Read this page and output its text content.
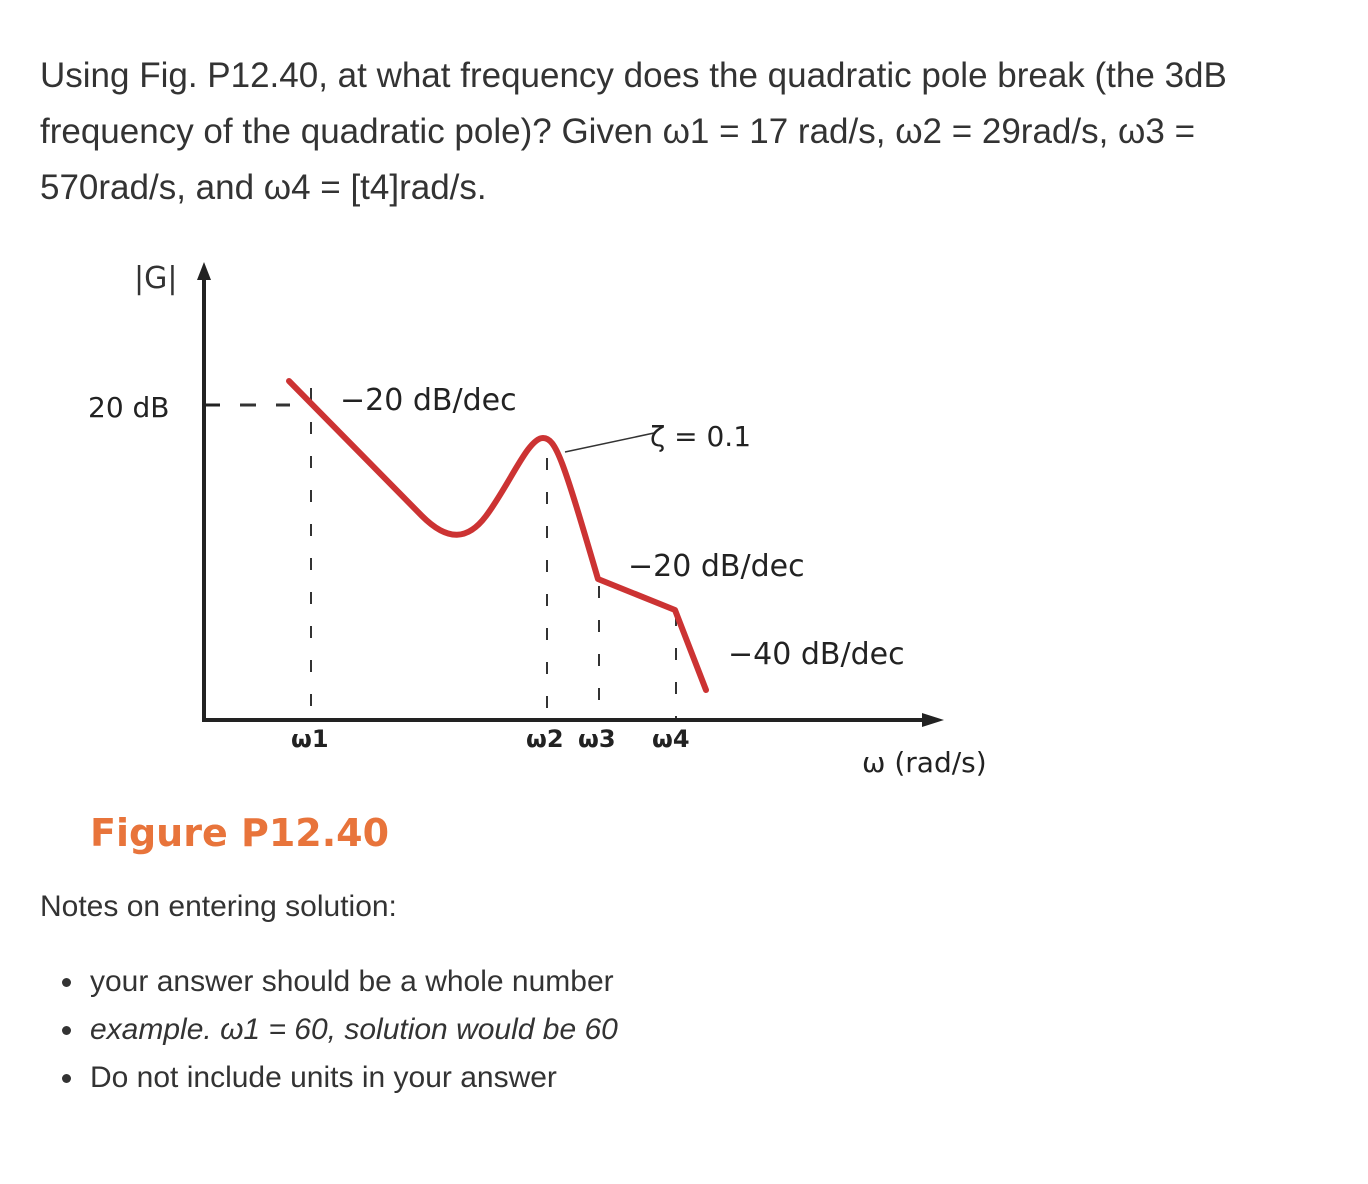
Using Fig. P12.40, at what frequency does the quadratic pole break (the 3dB frequency of the quadratic pole)? Given ω1 = 17 rad/s, ω2 = 29rad/s, ω3 = 570rad/s, and ω4 = [t4]rad/s.

|G|
20 dB	−20 dB/dec
ζ = 0.1
−20 dB/dec
−40 dB/dec
ω1	ω2 ω3 ω4
ω (rad/s)
Figure P12.40

Notes on entering solution:

your answer should be a whole number
example. ω1 = 60, solution would be 60
Do not include units in your answer
